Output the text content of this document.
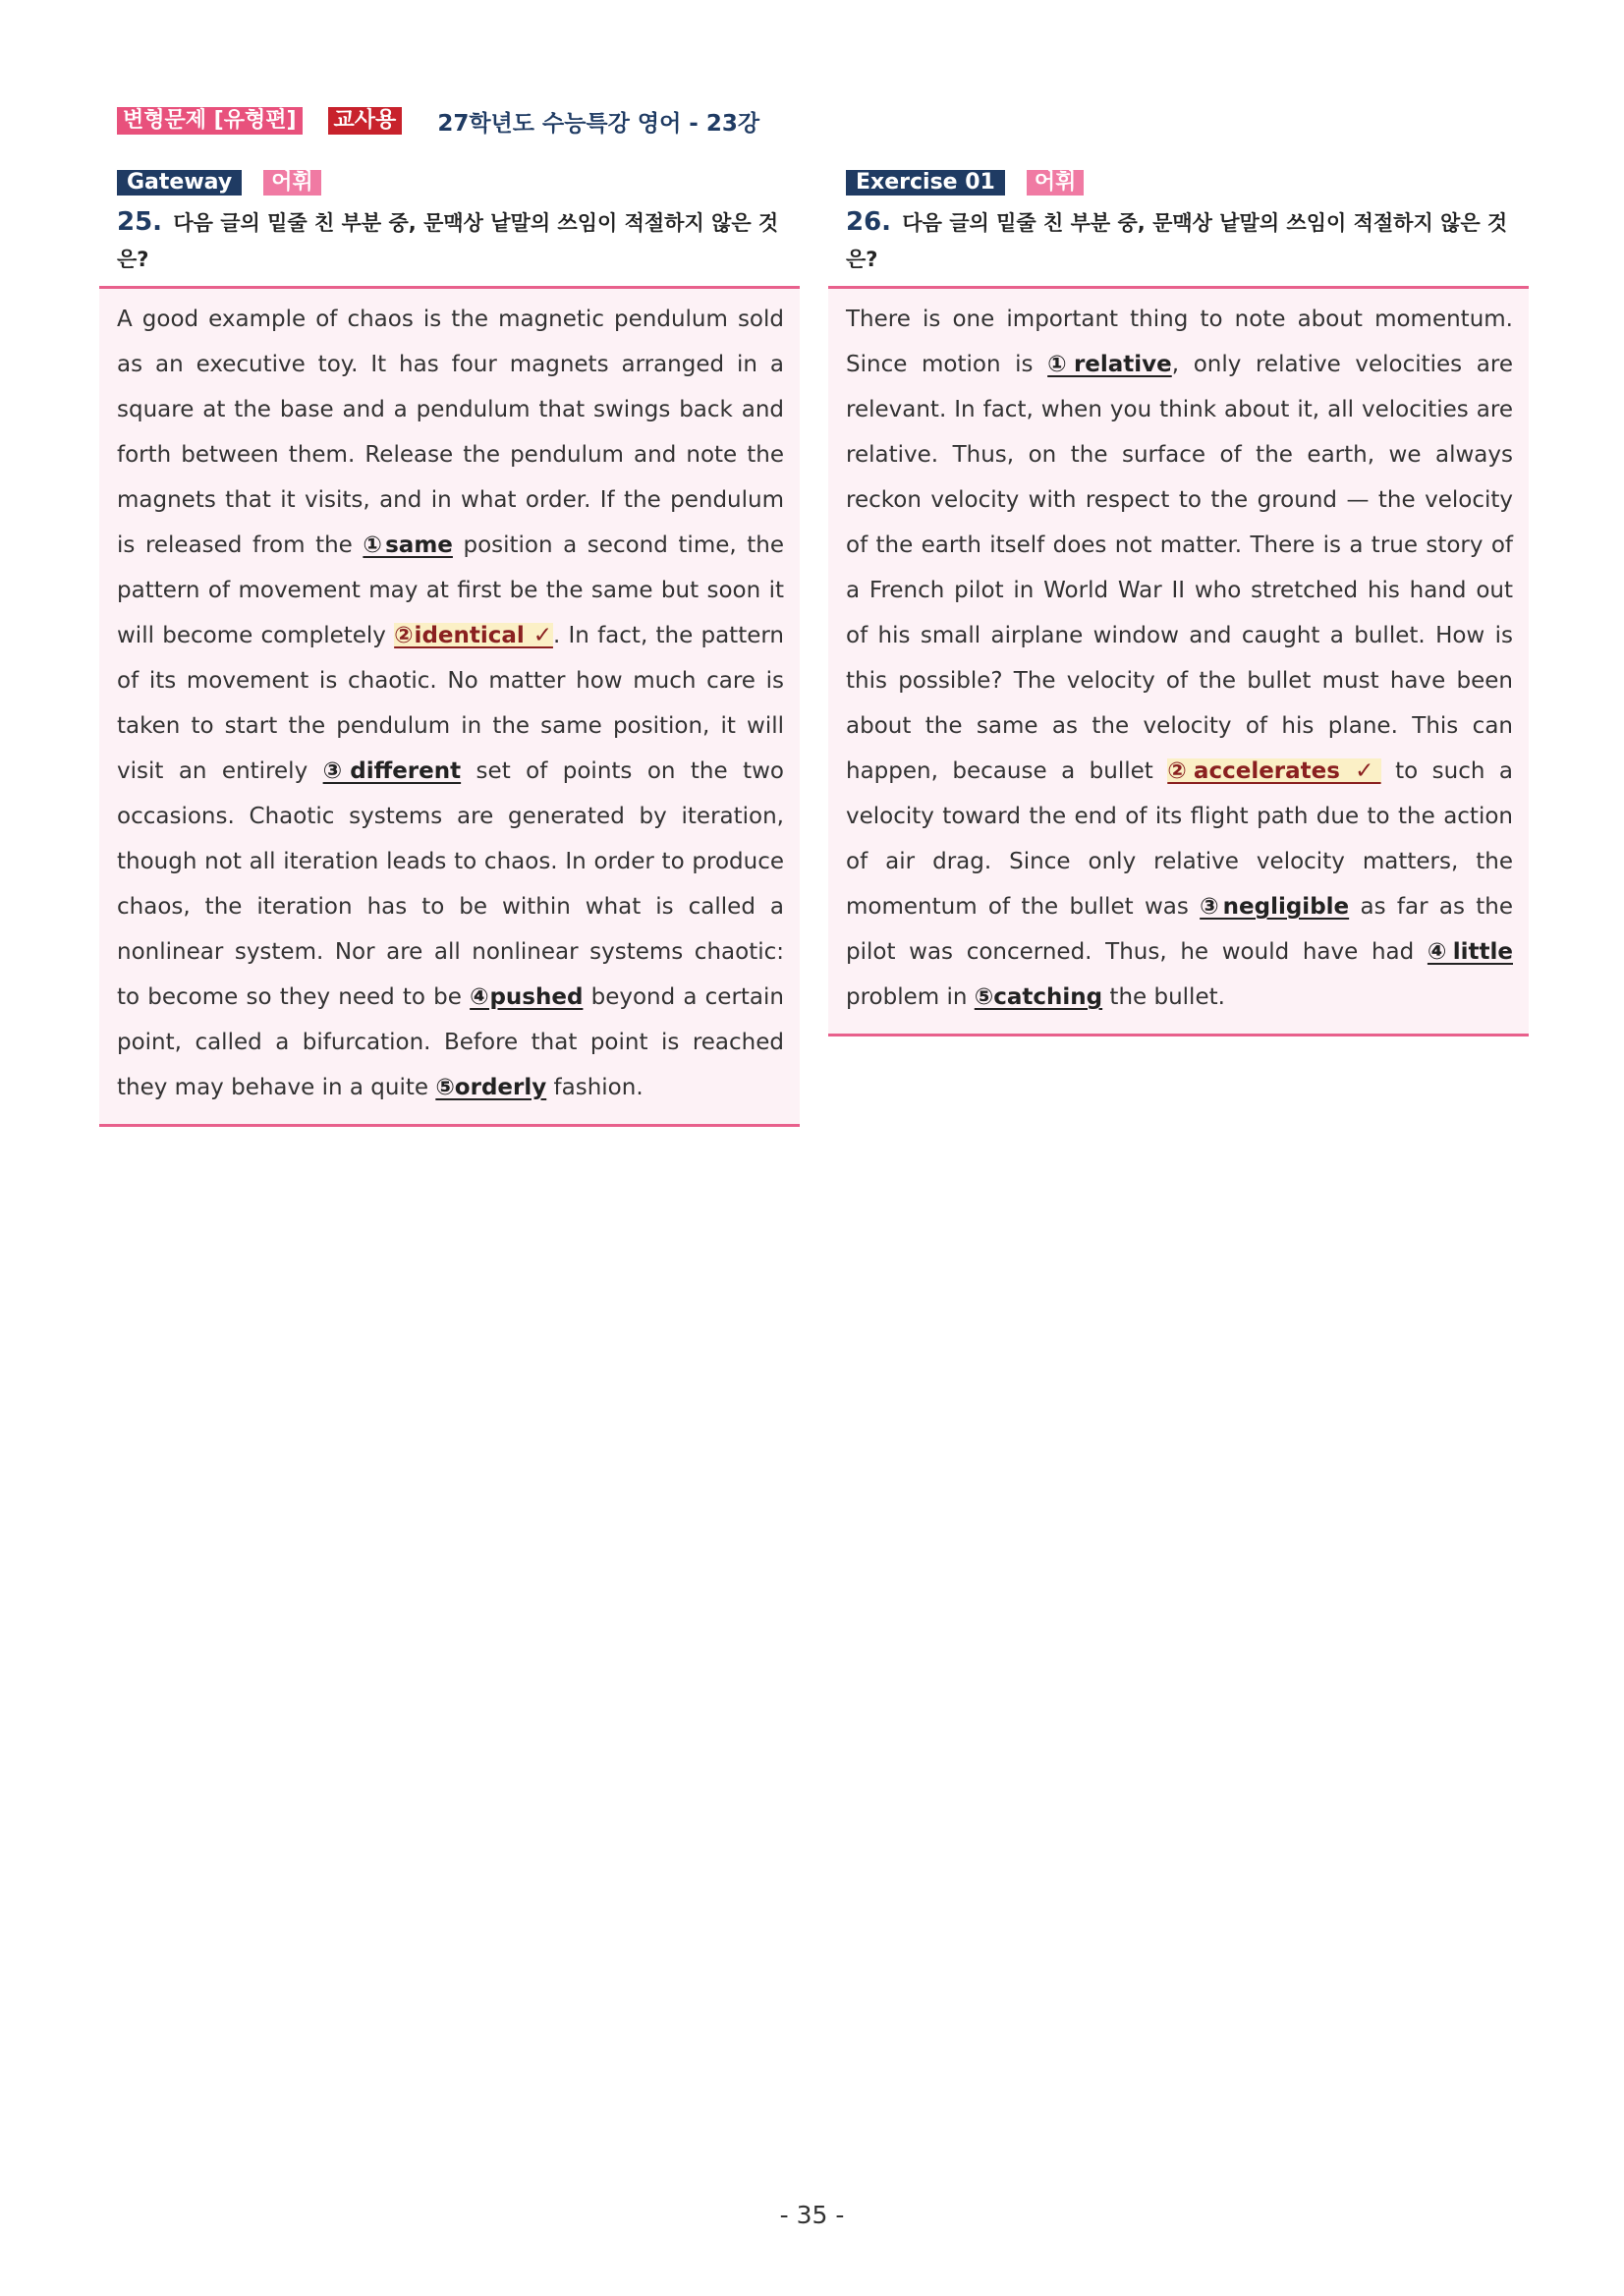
변형문제 [유형편] 교사용 27학년도 수능특강 영어 - 23강
Gateway	어휘
25. 다음 글의 밑줄 친 부분 중, 문맥상 낱말의 쓰임이 적절하지 않은 것은?

A good example of chaos is the magnetic pendulum sold as an executive toy. It has four magnets arranged in a square at the base and a pendulum that swings back and forth between them. Release the pendulum and note the magnets that it visits, and in what order. If the pendulum is released from the ①same position a second time, the pattern of movement may at first be the same but soon it will become completely ②identical ✓. In fact, the pattern of its movement is chaotic. No matter how much care is taken to start the pendulum in the same position, it will visit an entirely ③different set of points on the two occasions. Chaotic systems are generated by iteration, though not all iteration leads to chaos. In order to produce chaos, the iteration has to be within what is called a nonlinear system. Nor are all nonlinear systems chaotic: to become so they need to be ④pushed beyond a certain point, called a bifurcation. Before that point is reached they may behave in a quite ⑤orderly fashion.

Exercise 01	어휘
26. 다음 글의 밑줄 친 부분 중, 문맥상 낱말의 쓰임이 적절하지 않은 것은?

There is one important thing to note about momentum. Since motion is ①relative, only relative velocities are relevant. In fact, when you think about it, all velocities are relative. Thus, on the surface of the earth, we always reckon velocity with respect to the ground — the velocity of the earth itself does not matter. There is a true story of a French pilot in World War II who stretched his hand out of his small airplane window and caught a bullet. How is this possible? The velocity of the bullet must have been about the same as the velocity of his plane. This can happen, because a bullet ②accelerates ✓ to such a velocity toward the end of its flight path due to the action of air drag. Since only relative velocity matters, the momentum of the bullet was ③negligible as far as the pilot was concerned. Thus, he would have had ④little problem in ⑤catching the bullet.

- 35 -
